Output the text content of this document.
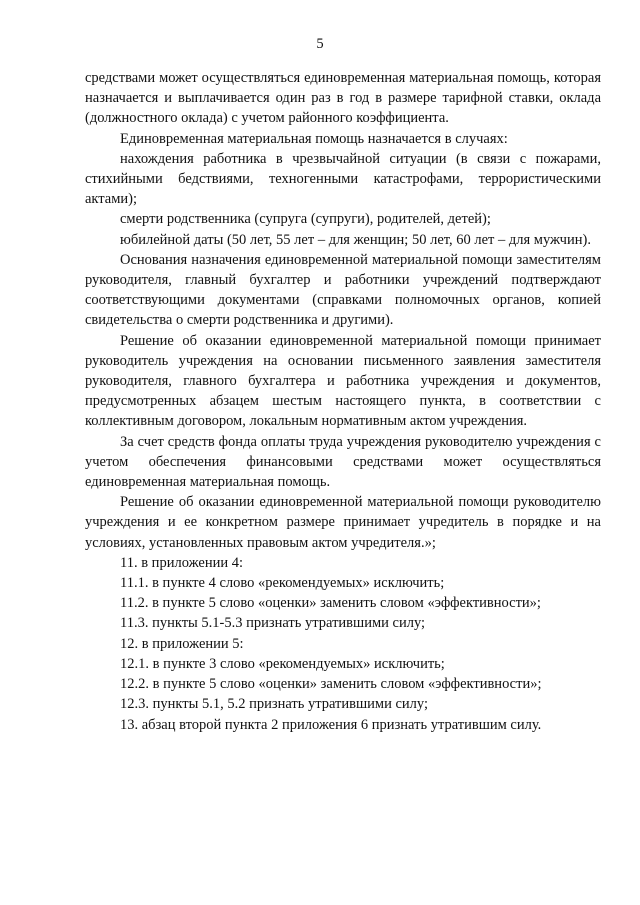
5

средствами может осуществляться единовременная материальная помощь, которая назначается и выплачивается один раз в год в размере тарифной ставки, оклада (должностного оклада) с учетом районного коэффициента.

Единовременная материальная помощь назначается в случаях:

нахождения работника в чрезвычайной ситуации (в связи с пожарами, стихийными бедствиями, техногенными катастрофами, террористическими актами);

смерти родственника (супруга (супруги), родителей, детей);

юбилейной даты (50 лет, 55 лет – для женщин; 50 лет, 60 лет – для мужчин).

Основания назначения единовременной материальной помощи заместителям руководителя, главный бухгалтер и работники учреждений подтверждают соответствующими документами (справками полномочных органов, копией свидетельства о смерти родственника и другими).

Решение об оказании единовременной материальной помощи принимает руководитель учреждения на основании письменного заявления заместителя руководителя, главного бухгалтера и работника учреждения и документов, предусмотренных абзацем шестым настоящего пункта, в соответствии с коллективным договором, локальным нормативным актом учреждения.

За счет средств фонда оплаты труда учреждения руководителю учреждения с учетом обеспечения финансовыми средствами может осуществляться единовременная материальная помощь.

Решение об оказании единовременной материальной помощи руководителю учреждения и ее конкретном размере принимает учредитель в порядке и на условиях, установленных правовым актом учредителя.»;

11. в приложении 4:

11.1. в пункте 4 слово «рекомендуемых» исключить;

11.2. в пункте 5 слово «оценки» заменить словом «эффективности»;

11.3. пункты 5.1-5.3 признать утратившими силу;

12. в приложении 5:

12.1. в пункте 3 слово «рекомендуемых» исключить;

12.2. в пункте 5 слово «оценки» заменить словом «эффективности»;

12.3. пункты 5.1, 5.2 признать утратившими силу;

13. абзац второй пункта 2 приложения 6 признать утратившим силу.
